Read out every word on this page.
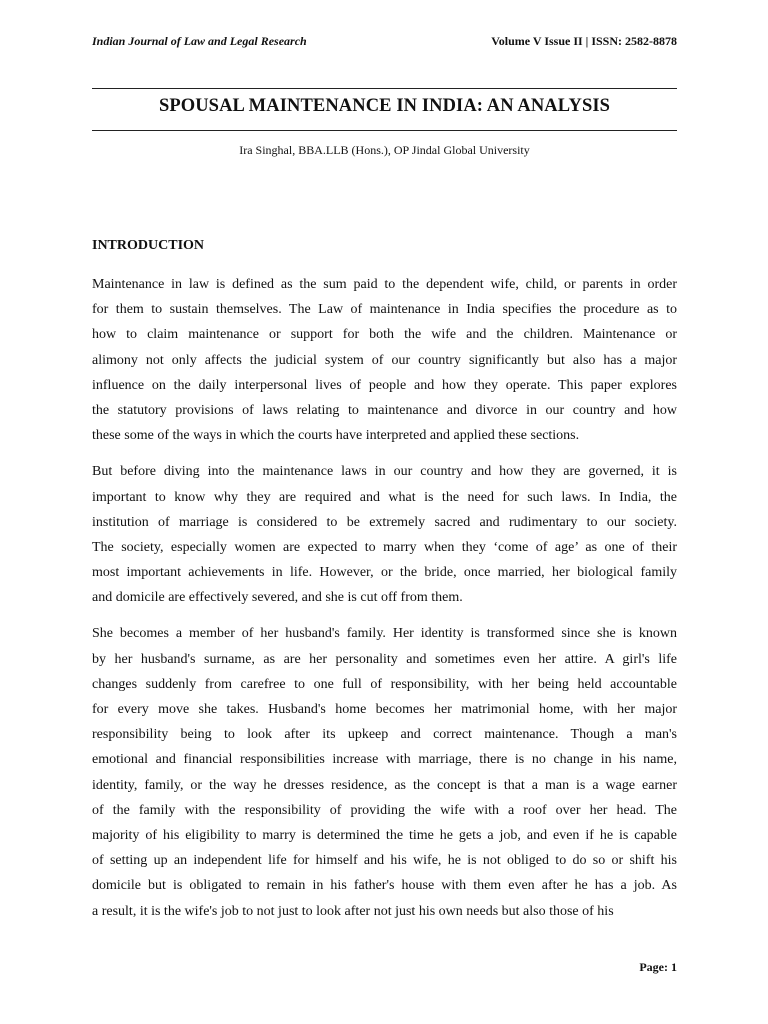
Indian Journal of Law and Legal Research	Volume V Issue II | ISSN: 2582-8878
SPOUSAL MAINTENANCE IN INDIA: AN ANALYSIS
Ira Singhal, BBA.LLB (Hons.), OP Jindal Global University
INTRODUCTION
Maintenance in law is defined as the sum paid to the dependent wife, child, or parents in order
for them to sustain themselves. The Law of maintenance in India specifies the procedure as to
how to claim maintenance or support for both the wife and the children. Maintenance or
alimony not only affects the judicial system of our country significantly but also has a major
influence on the daily interpersonal lives of people and how they operate. This paper explores
the statutory provisions of laws relating to maintenance and divorce in our country and how
these some of the ways in which the courts have interpreted and applied these sections.
But before diving into the maintenance laws in our country and how they are governed, it is
important to know why they are required and what is the need for such laws. In India, the
institution of marriage is considered to be extremely sacred and rudimentary to our society.
The society, especially women are expected to marry when they ‘come of age’ as one of their
most important achievements in life. However, or the bride, once married, her biological family
and domicile are effectively severed, and she is cut off from them.
She becomes a member of her husband's family. Her identity is transformed since she is known
by her husband's surname, as are her personality and sometimes even her attire. A girl's life
changes suddenly from carefree to one full of responsibility, with her being held accountable
for every move she takes. Husband's home becomes her matrimonial home, with her major
responsibility being to look after its upkeep and correct maintenance. Though a man's
emotional and financial responsibilities increase with marriage, there is no change in his name,
identity, family, or the way he dresses residence, as the concept is that a man is a wage earner
of the family with the responsibility of providing the wife with a roof over her head. The
majority of his eligibility to marry is determined the time he gets a job, and even if he is capable
of setting up an independent life for himself and his wife, he is not obliged to do so or shift his
domicile but is obligated to remain in his father's house with them even after he has a job. As
a result, it is the wife's job to not just to look after not just his own needs but also those of his
Page: 1
